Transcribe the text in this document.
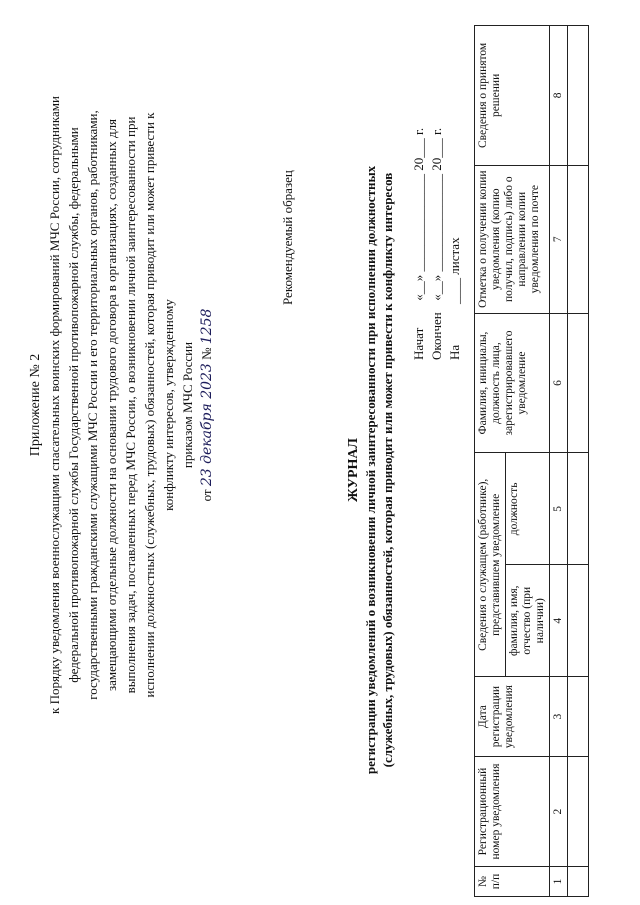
Приложение № 2 к Порядку уведомления военнослужащими спасательных воинских формирований МЧС России, сотрудниками федеральной противопожарной службы Государственной противопожарной службы, федеральными государственными гражданскими служащими МЧС России и его территориальных органов, работниками, замещающими отдельные должности на основании трудового договора в организациях, созданных для выполнения задач, поставленных перед МЧС России, о возникновении личной заинтересованности при исполнении должностных (служебных, трудовых) обязанностей, которая приводит или может привести к конфликту интересов, утвержденному приказом МЧС России
от 23 декабря 2023 № 1258
Рекомендуемый образец
ЖУРНАЛ регистрации уведомлений о возникновении личной заинтересованности при исполнении должностных (служебных, трудовых) обязанностей, которая приводит или может привести к конфликту интересов Начат «__» _______________ 20___ г.
Окончен «__» _______________ 20___ г.
На____ листах
№ п/п	Регистрационный номер уведомления	Дата регистрации уведомления	Сведения о служащем (работнике), представившем уведомление		Фамилия, инициалы, должность лица, зарегистрировавшего уведомление	Отметка о получении копии уведомления (копию получил, подпись) либо о направлении копии уведомления по почте	Сведения о принятом решении
			фамилия, имя, отчество (при наличии)	должность			
1	2	3	4	5	6	7	8
